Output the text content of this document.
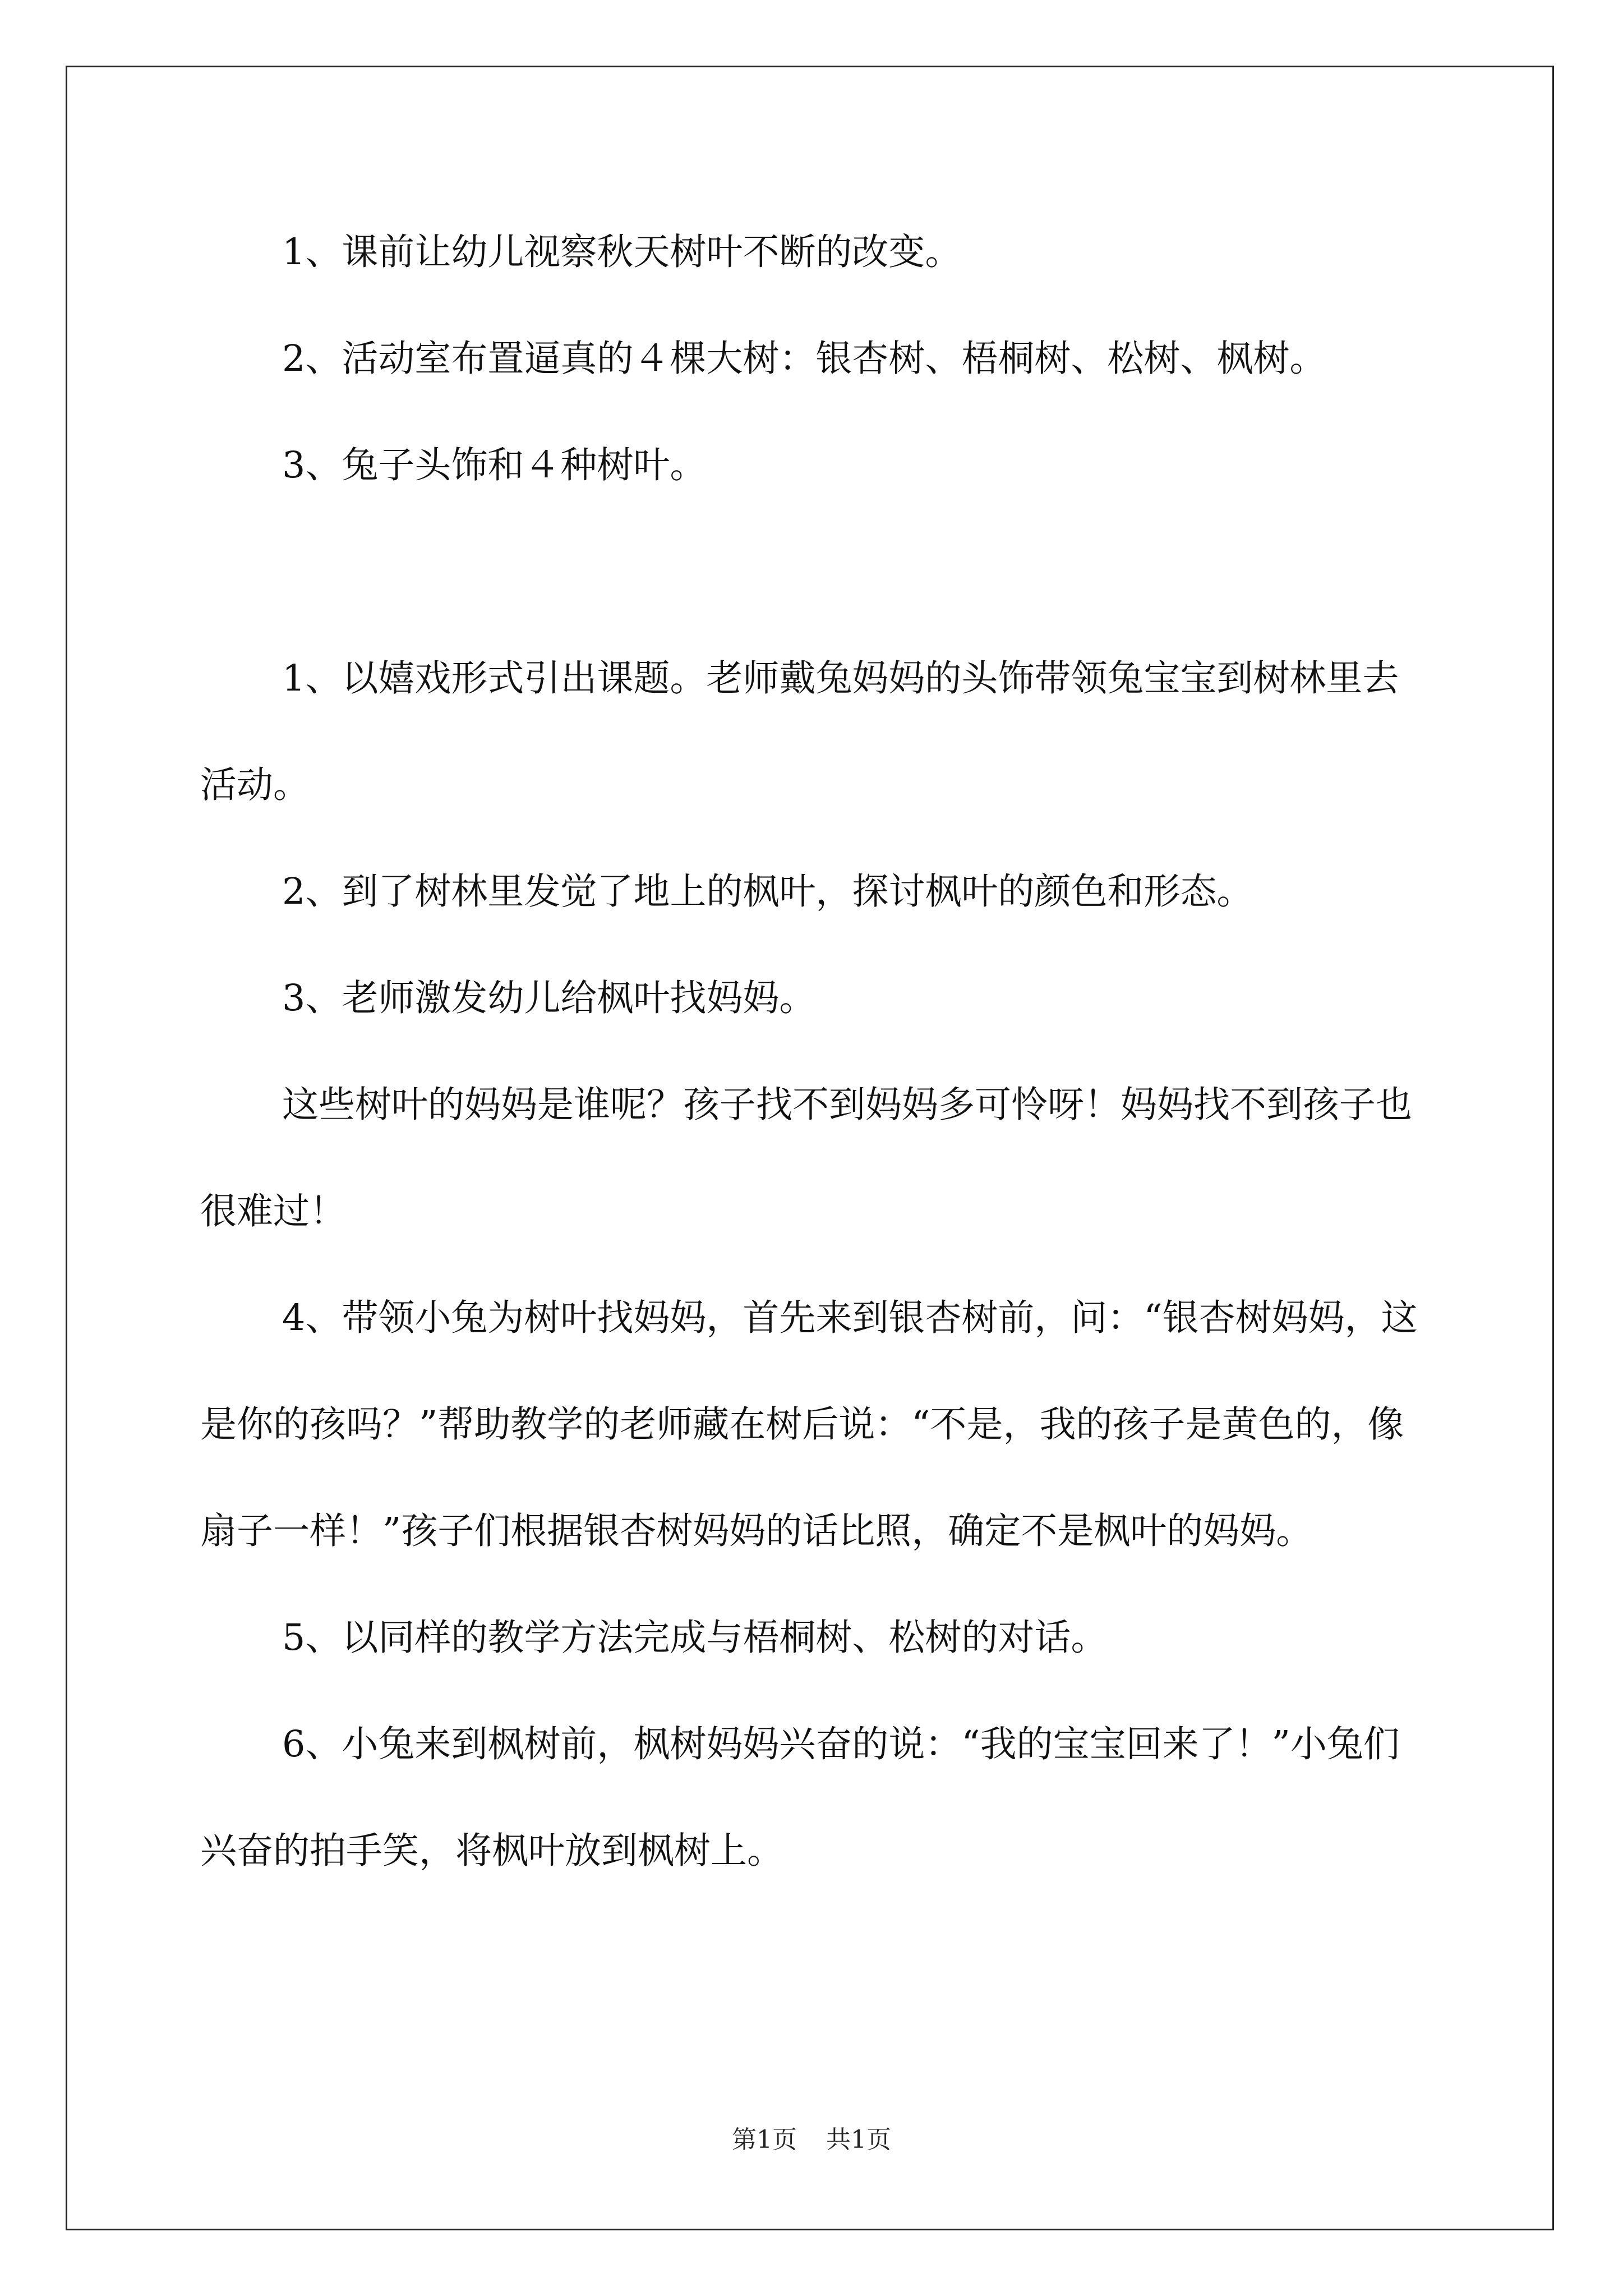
1、课前让幼儿视察秋天树叶不断的改变。

2、活动室布置逼真的４棵大树：银杏树、梧桐树、松树、枫树。

3、兔子头饰和４种树叶。

1、以嬉戏形式引出课题。老师戴兔妈妈的头饰带领兔宝宝到树林里去活动。

2、到了树林里发觉了地上的枫叶，探讨枫叶的颜色和形态。

3、老师激发幼儿给枫叶找妈妈。

这些树叶的妈妈是谁呢？孩子找不到妈妈多可怜呀！妈妈找不到孩子也很难过！

4、带领小兔为树叶找妈妈，首先来到银杏树前，问：“银杏树妈妈，这是你的孩吗？”帮助教学的老师藏在树后说：“不是，我的孩子是黄色的，像扇子一样！”孩子们根据银杏树妈妈的话比照，确定不是枫叶的妈妈。

5、以同样的教学方法完成与梧桐树、松树的对话。

6、小兔来到枫树前，枫树妈妈兴奋的说：“我的宝宝回来了！”小兔们兴奋的拍手笑，将枫叶放到枫树上。

第1页 共1页
